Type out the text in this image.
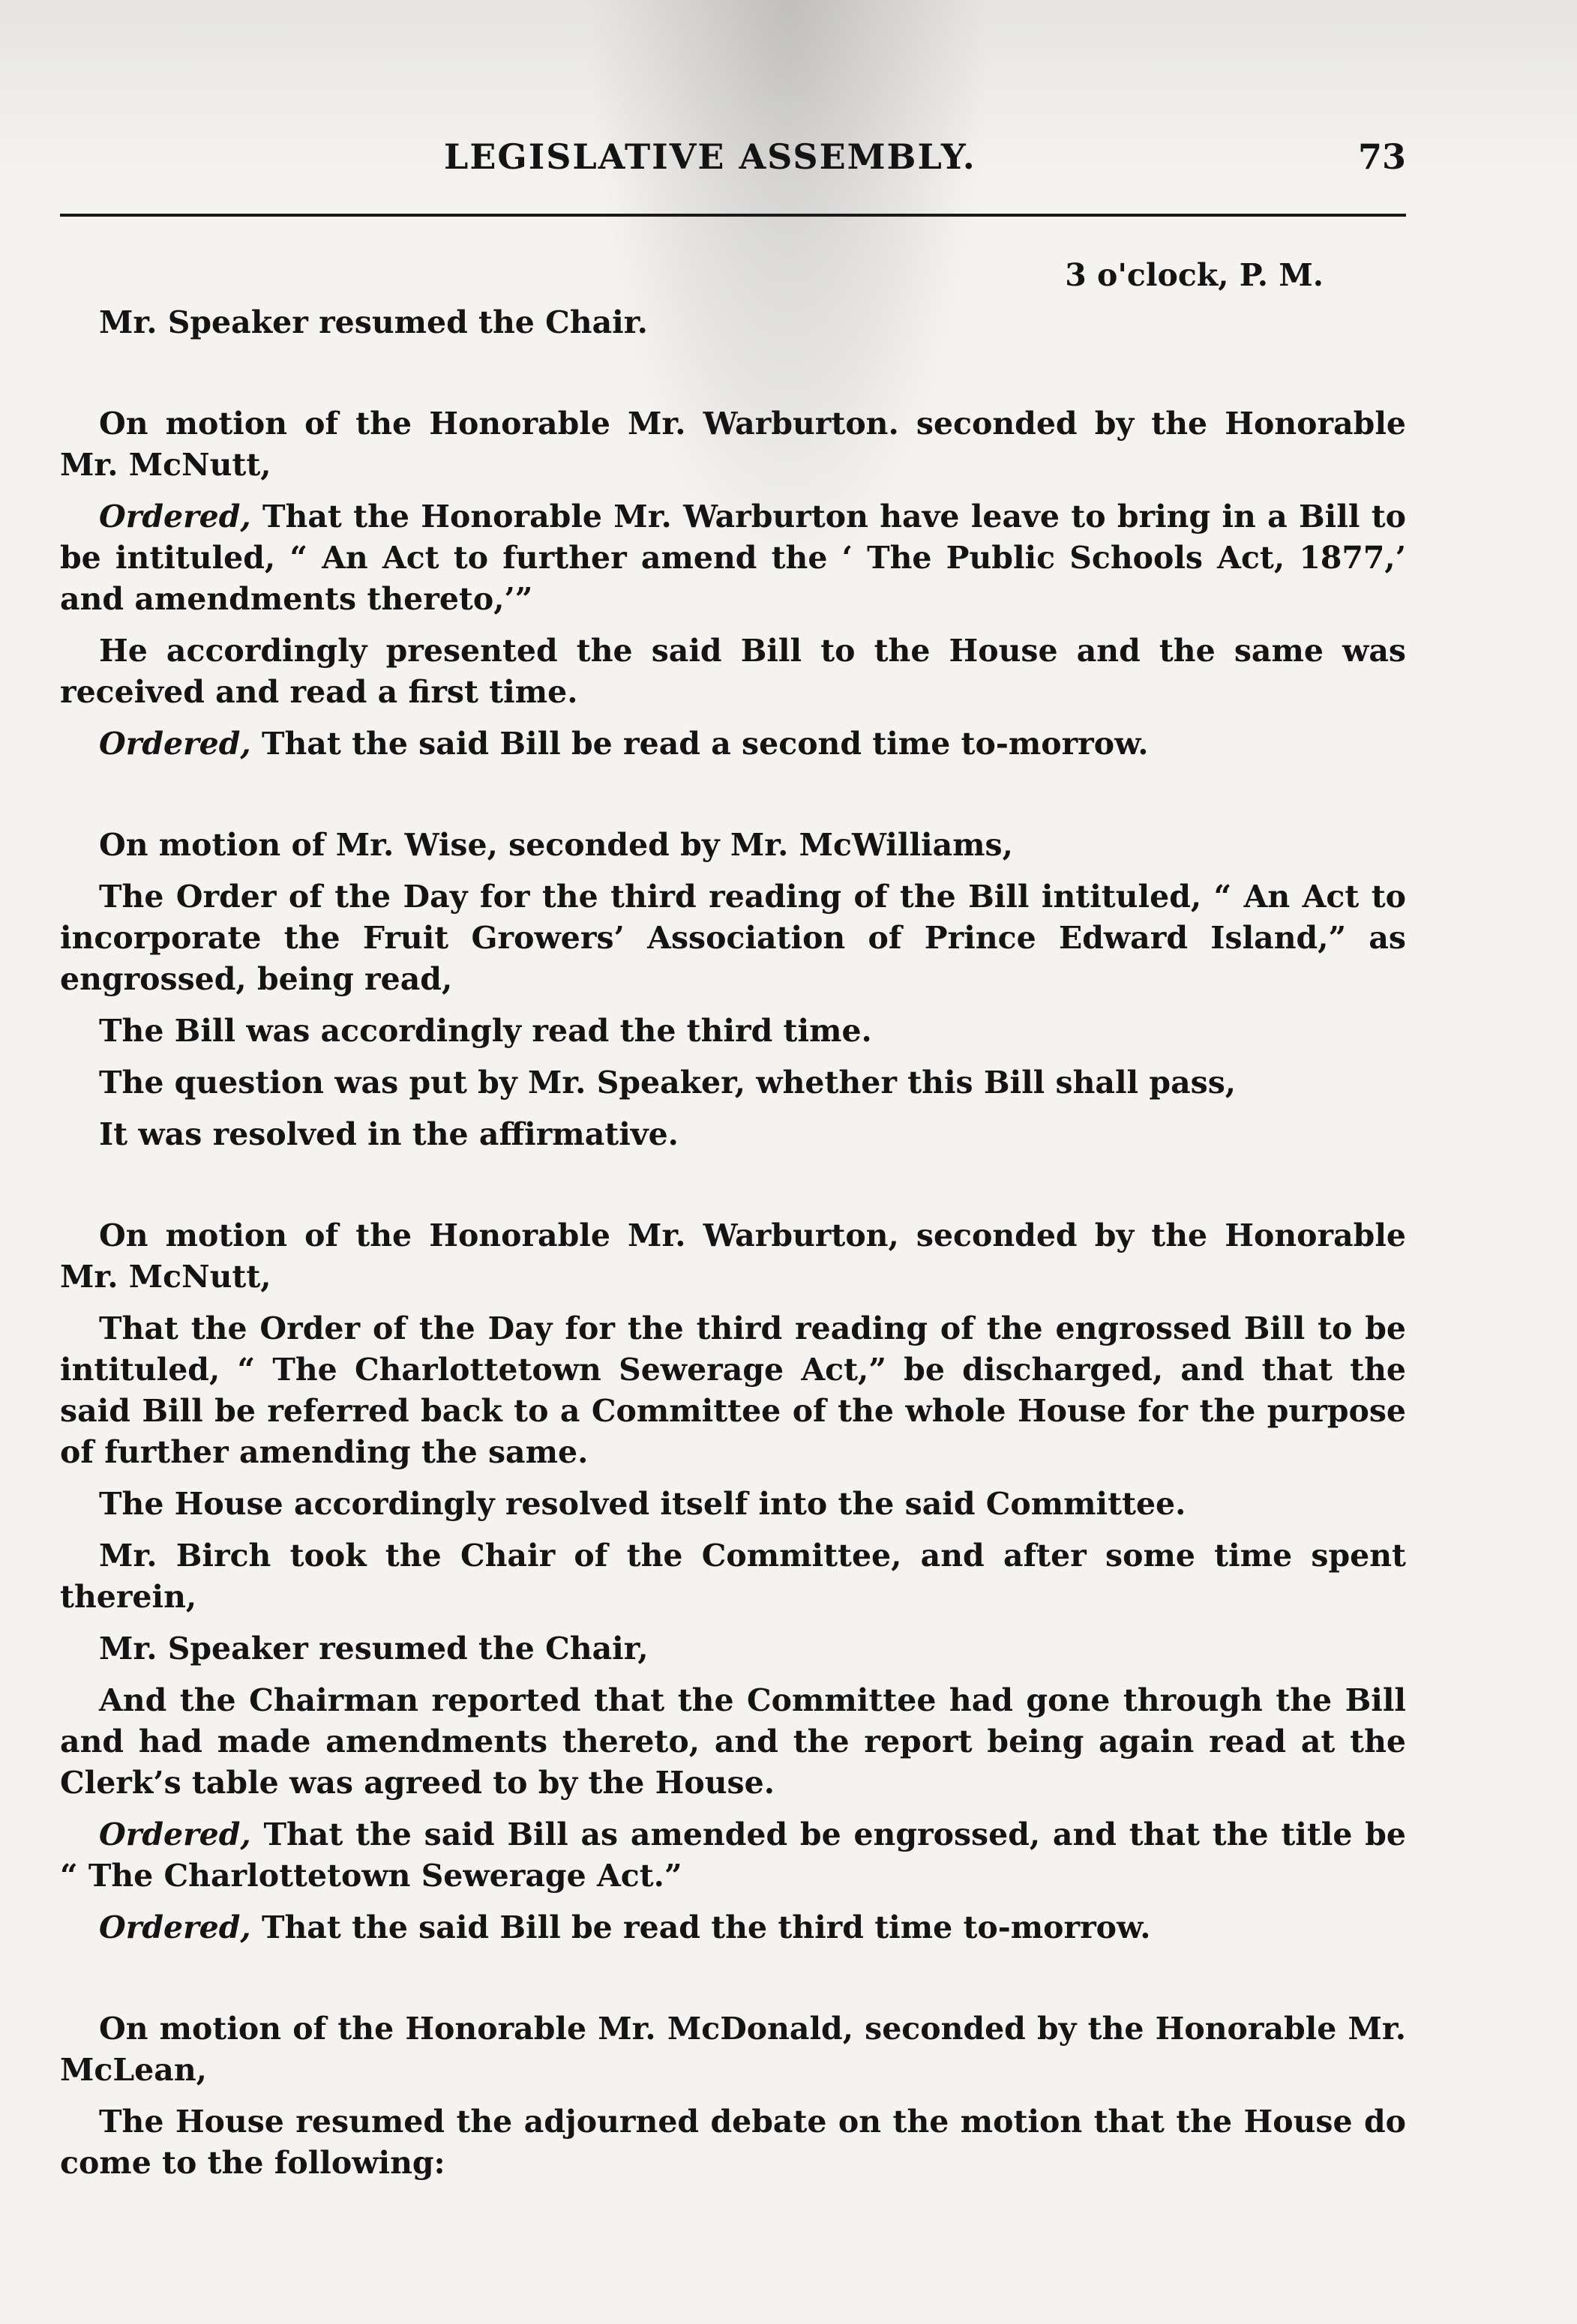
LEGISLATIVE ASSEMBLY.	73
3 o'clock, P. M.

Mr. Speaker resumed the Chair.

On motion of the Honorable Mr. Warburton. seconded by the Honorable Mr. McNutt,

Ordered, That the Honorable Mr. Warburton have leave to bring in a Bill to be intituled, “ An Act to further amend the ‘ The Public Schools Act, 1877,’ and amendments thereto,’”

He accordingly presented the said Bill to the House and the same was received and read a first time.

Ordered, That the said Bill be read a second time to-morrow.

On motion of Mr. Wise, seconded by Mr. McWilliams,

The Order of the Day for the third reading of the Bill intituled, “ An Act to incorporate the Fruit Growers’ Association of Prince Edward Island,” as engrossed, being read,

The Bill was accordingly read the third time.

The question was put by Mr. Speaker, whether this Bill shall pass,

It was resolved in the affirmative.

On motion of the Honorable Mr. Warburton, seconded by the Honorable Mr. McNutt,

That the Order of the Day for the third reading of the engrossed Bill to be intituled, “ The Charlottetown Sewerage Act,” be discharged, and that the said Bill be referred back to a Committee of the whole House for the purpose of further amending the same.

The House accordingly resolved itself into the said Committee.

Mr. Birch took the Chair of the Committee, and after some time spent therein,

Mr. Speaker resumed the Chair,

And the Chairman reported that the Committee had gone through the Bill and had made amendments thereto, and the report being again read at the Clerk’s table was agreed to by the House.

Ordered, That the said Bill as amended be engrossed, and that the title be “ The Charlottetown Sewerage Act.”

Ordered, That the said Bill be read the third time to-morrow.

On motion of the Honorable Mr. McDonald, seconded by the Honorable Mr. McLean,

The House resumed the adjourned debate on the motion that the House do come to the following:
